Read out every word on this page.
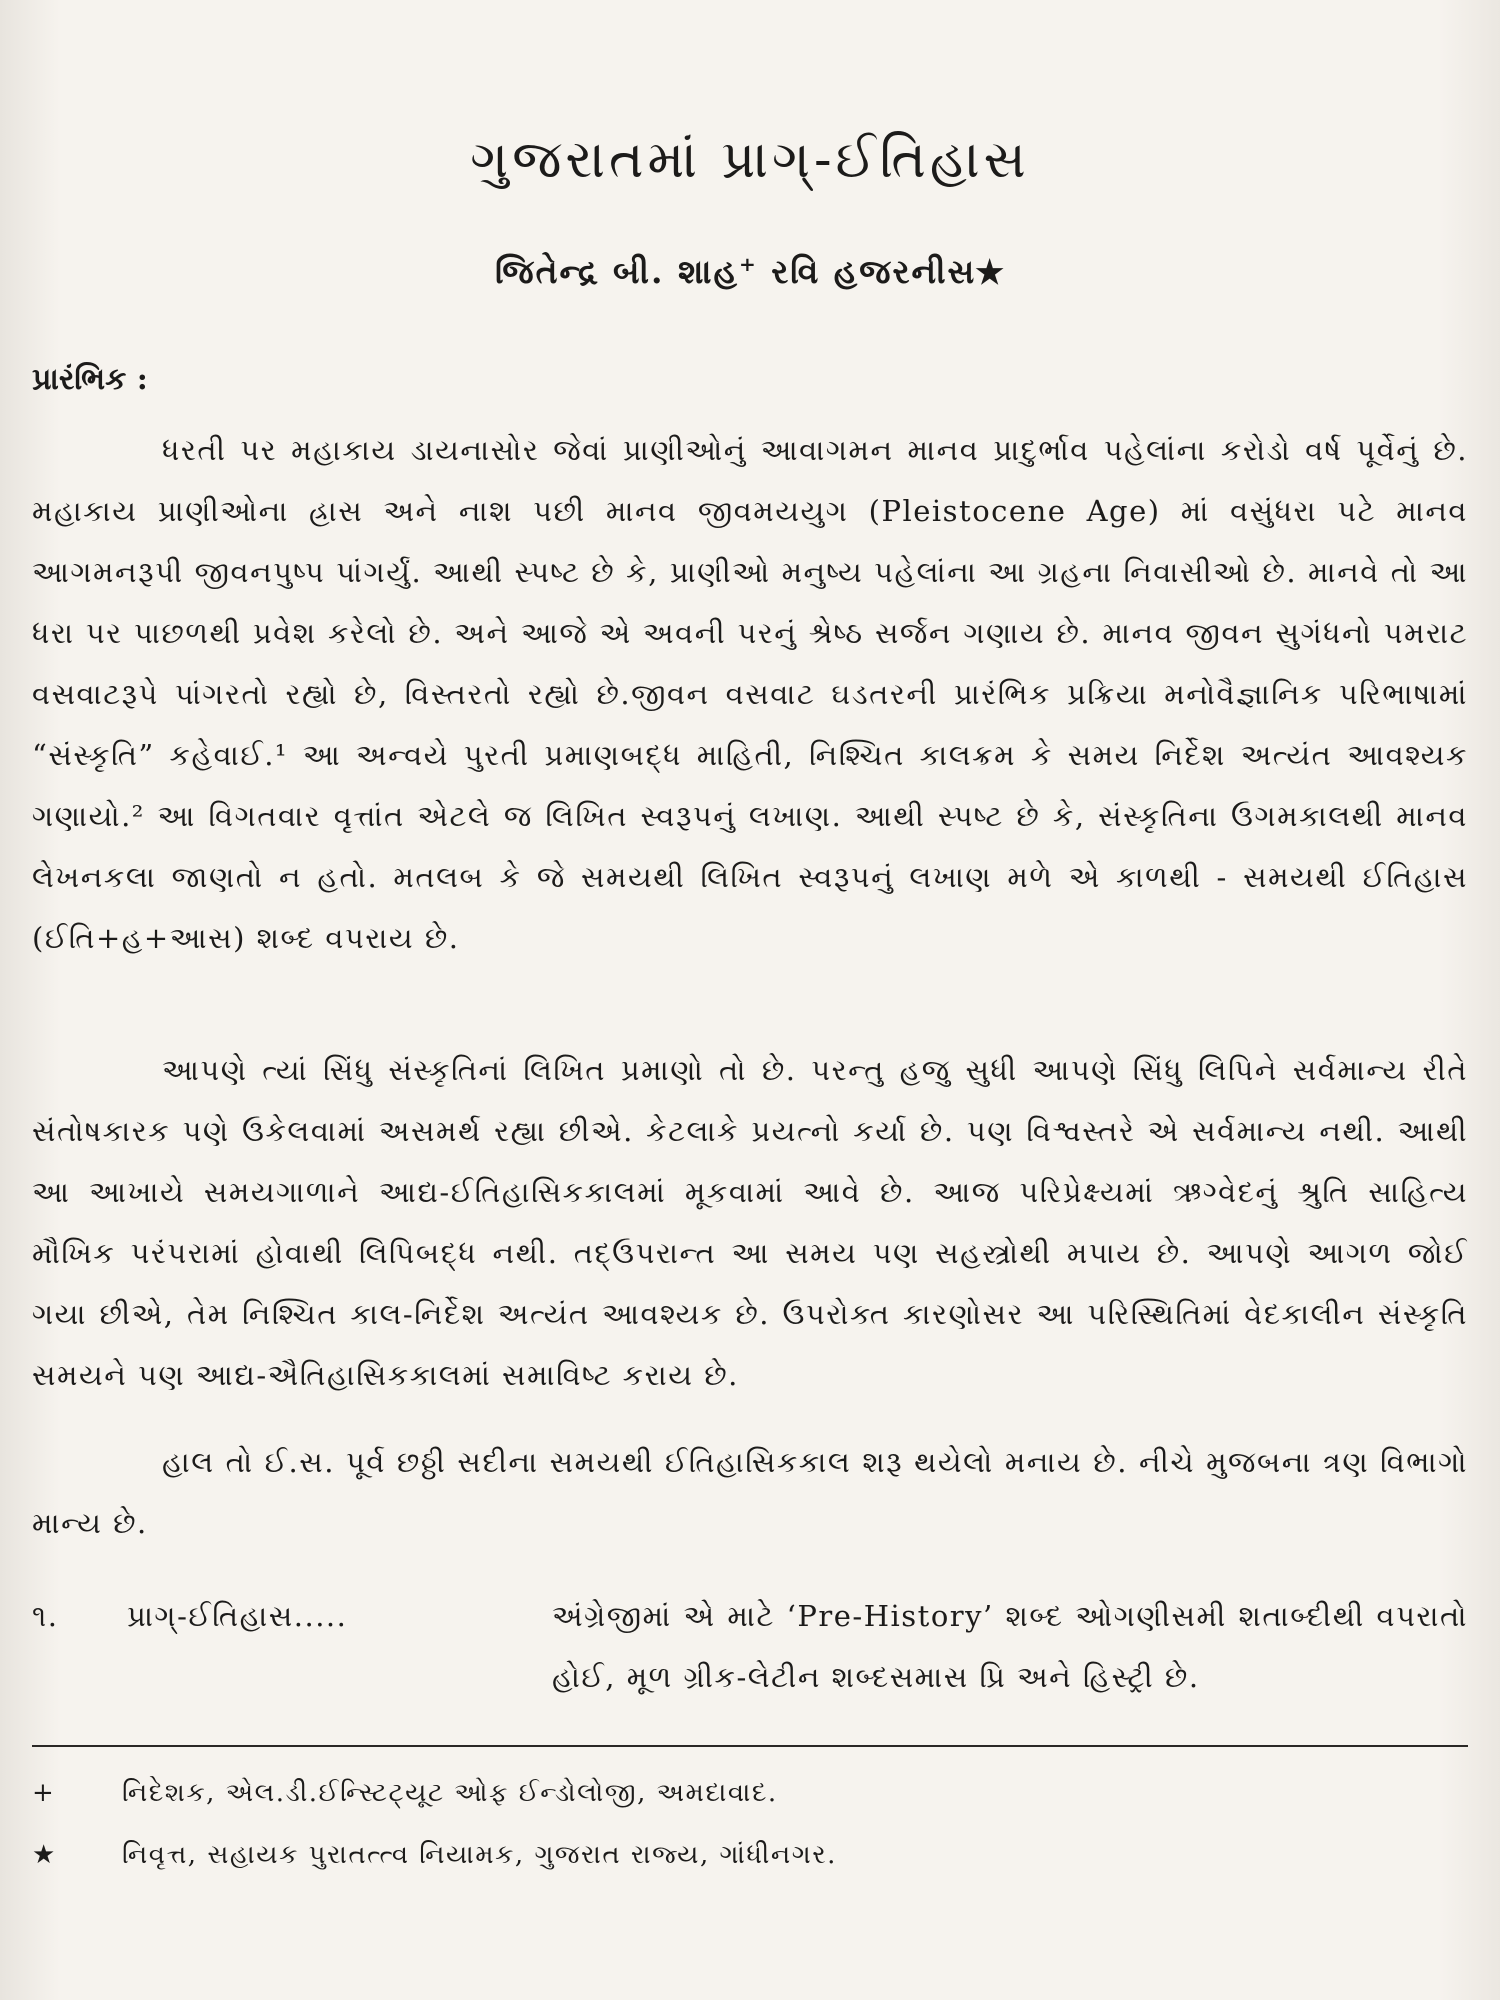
ગુજરાતમાં પ્રાગ્-ઈતિહાસ
જિતેન્દ્ર બી. શાહ+ રવિ હજરનીસ★
પ્રારંભિક :

ધરતી પર મહાકાય ડાયનાસોર જેવાં પ્રાણીઓનું આવાગમન માનવ પ્રાદુર્ભાવ પહેલાંના કરોડો વર્ષ પૂર્વેનું છે. મહાકાય પ્રાણીઓના હ્રાસ અને નાશ પછી માનવ જીવમયયુગ (Pleistocene Age) માં વસુંધરા પટે માનવ આગમનરૂપી જીવનપુષ્પ પાંગર્યું. આથી સ્પષ્ટ છે કે, પ્રાણીઓ મનુષ્ય પહેલાંના આ ગ્રહના નિવાસીઓ છે. માનવે તો આ ધરા પર પાછળથી પ્રવેશ કરેલો છે. અને આજે એ અવની પરનું શ્રેષ્ઠ સર્જન ગણાય છે. માનવ જીવન સુગંધનો પમરાટ વસવાટરૂપે પાંગરતો રહ્યો છે, વિસ્તરતો રહ્યો છે.જીવન વસવાટ ઘડતરની પ્રારંભિક પ્રક્રિયા મનોવૈજ્ઞાનિક પરિભાષામાં “સંસ્કૃતિ” કહેવાઈ.¹ આ અન્વયે પુરતી પ્રમાણબદ્ધ માહિતી, નિશ્ચિત કાલક્રમ કે સમય નિર્દેશ અત્યંત આવશ્યક ગણાયો.² આ વિગતવાર વૃત્તાંત એટલે જ લિખિત સ્વરૂપનું લખાણ. આથી સ્પષ્ટ છે કે, સંસ્કૃતિના ઉગમકાલથી માનવ લેખનકલા જાણતો ન હતો. મતલબ કે જે સમયથી લિખિત સ્વરૂપનું લખાણ મળે એ કાળથી - સમયથી ઈતિહાસ (ઈતિ+હ+આસ) શબ્દ વપરાય છે.

આપણે ત્યાં સિંધુ સંસ્કૃતિનાં લિખિત પ્રમાણો તો છે. પરન્તુ હજુ સુધી આપણે સિંધુ લિપિને સર્વમાન્ય રીતે સંતોષકારક પણે ઉકેલવામાં અસમર્થ રહ્યા છીએ. કેટલાકે પ્રયત્નો કર્યા છે. પણ વિશ્વસ્તરે એ સર્વમાન્ય નથી. આથી આ આખાયે સમયગાળાને આદ્ય-ઈતિહાસિકકાલમાં મૂકવામાં આવે છે. આજ પરિપ્રેક્ષ્યમાં ઋગ્વેદનું શ્રુતિ સાહિત્ય મૌખિક પરંપરામાં હોવાથી લિપિબદ્ધ નથી. તદ્ઉપરાન્ત આ સમય પણ સહસ્ત્રોથી મપાય છે. આપણે આગળ જોઈ ગયા છીએ, તેમ નિશ્ચિત કાલ-નિર્દેશ અત્યંત આવશ્યક છે. ઉપરોક્ત કારણોસર આ પરિસ્થિતિમાં વેદકાલીન સંસ્કૃતિ સમયને પણ આદ્ય-ઐતિહાસિકકાલમાં સમાવિષ્ટ કરાય છે.

હાલ તો ઈ.સ. પૂર્વ છઠ્ઠી સદીના સમયથી ઈતિહાસિકકાલ શરૂ થયેલો મનાય છે. નીચે મુજબના ત્રણ વિભાગો માન્ય છે.

૧. પ્રાગ્-ઈતિહાસ.....	અંગ્રેજીમાં એ માટે ‘Pre-History’ શબ્દ ઓગણીસમી શતાબ્દીથી વપરાતો હોઈ, મૂળ ગ્રીક-લેટીન શબ્દસમાસ પ્રિ અને હિસ્ટ્રી છે.
+	નિદેશક, એલ.ડી.ઈન્સ્ટિટ્યૂટ ઓફ ઈન્ડોલોજી, અમદાવાદ.
★	નિવૃત્ત, સહાયક પુરાતત્ત્વ નિયામક, ગુજરાત રાજ્ય, ગાંધીનગર.
